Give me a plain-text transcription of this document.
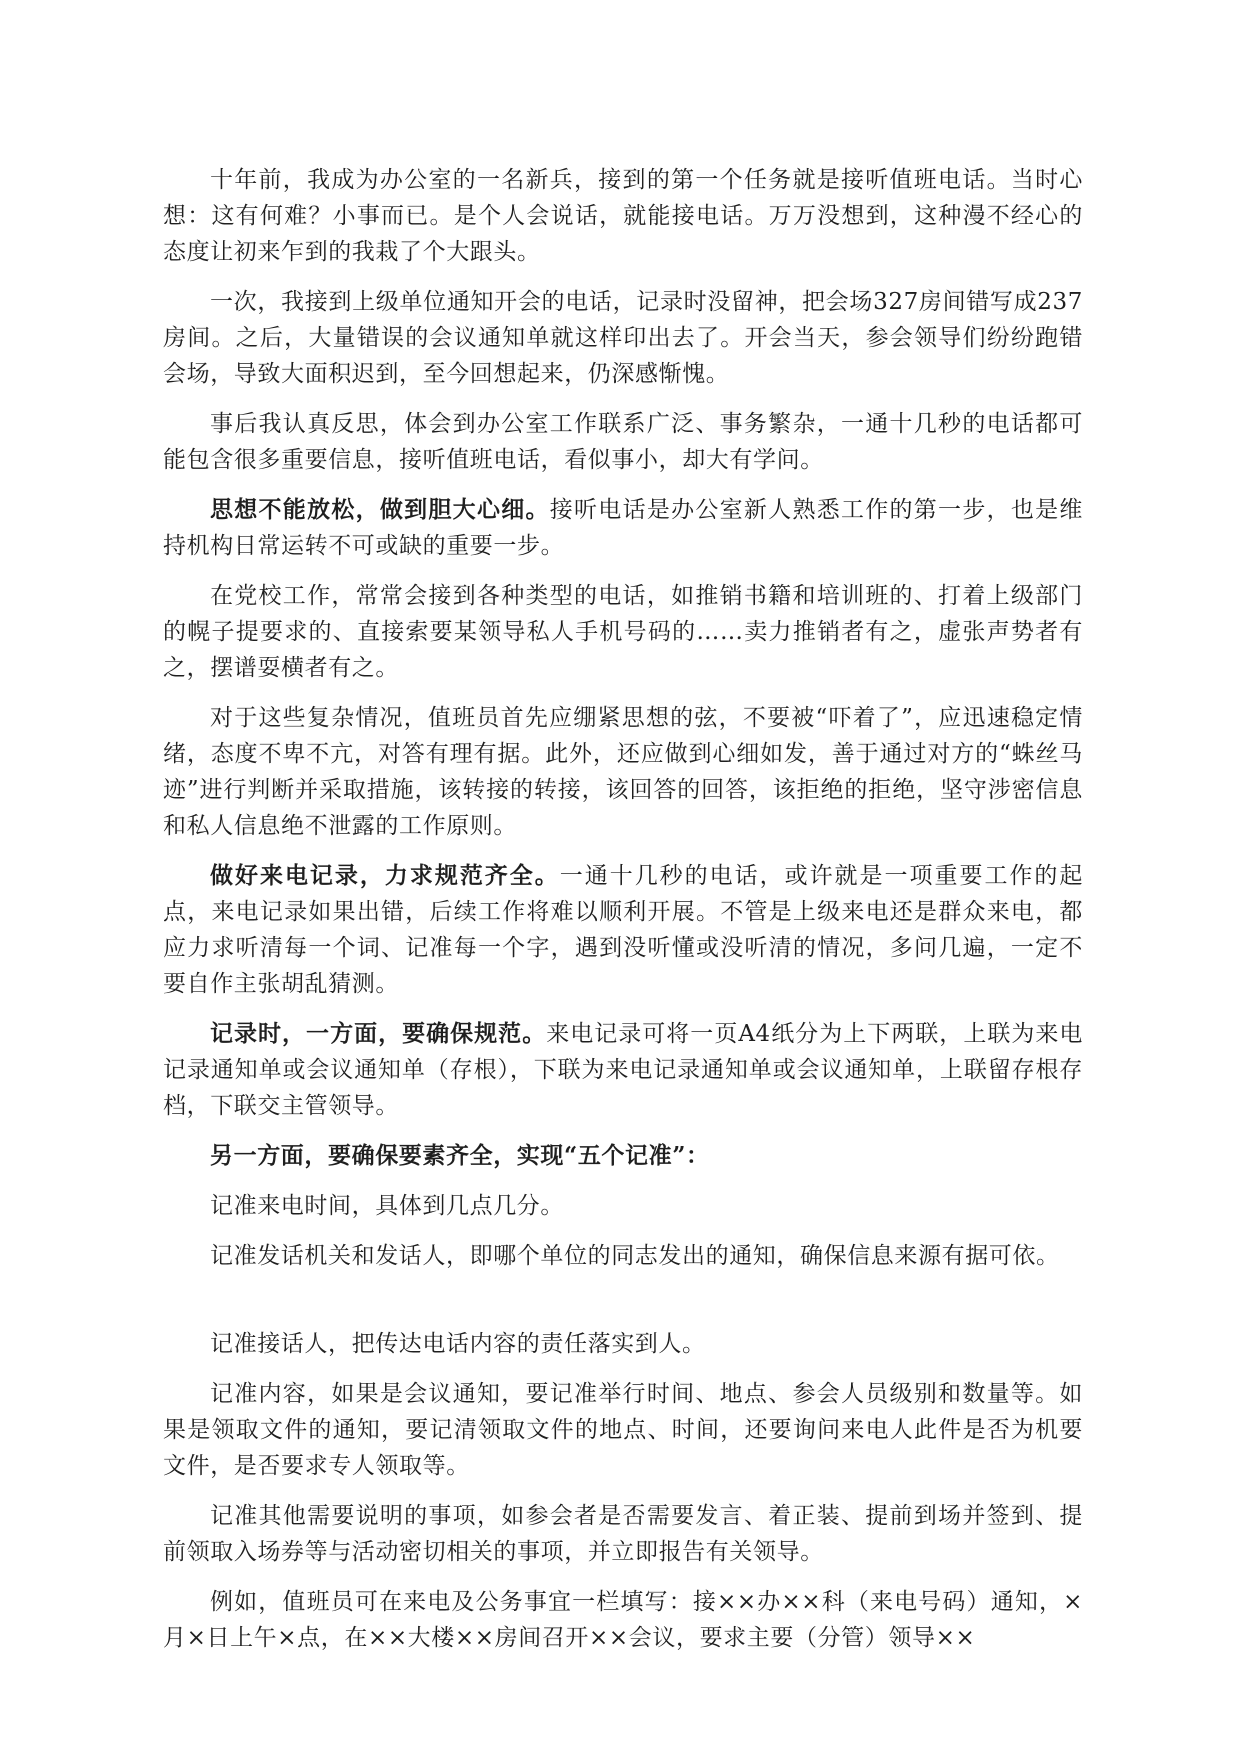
十年前，我成为办公室的一名新兵，接到的第一个任务就是接听值班电话。当时心想：这有何难？小事而已。是个人会说话，就能接电话。万万没想到，这种漫不经心的态度让初来乍到的我栽了个大跟头。

一次，我接到上级单位通知开会的电话，记录时没留神，把会场327房间错写成237房间。之后，大量错误的会议通知单就这样印出去了。开会当天，参会领导们纷纷跑错会场，导致大面积迟到，至今回想起来，仍深感惭愧。

事后我认真反思，体会到办公室工作联系广泛、事务繁杂，一通十几秒的电话都可能包含很多重要信息，接听值班电话，看似事小，却大有学问。

思想不能放松，做到胆大心细。接听电话是办公室新人熟悉工作的第一步，也是维持机构日常运转不可或缺的重要一步。

在党校工作，常常会接到各种类型的电话，如推销书籍和培训班的、打着上级部门的幌子提要求的、直接索要某领导私人手机号码的……卖力推销者有之，虚张声势者有之，摆谱耍横者有之。

对于这些复杂情况，值班员首先应绷紧思想的弦，不要被“吓着了”，应迅速稳定情绪，态度不卑不亢，对答有理有据。此外，还应做到心细如发，善于通过对方的“蛛丝马迹”进行判断并采取措施，该转接的转接，该回答的回答，该拒绝的拒绝，坚守涉密信息和私人信息绝不泄露的工作原则。

做好来电记录，力求规范齐全。一通十几秒的电话，或许就是一项重要工作的起点，来电记录如果出错，后续工作将难以顺利开展。不管是上级来电还是群众来电，都应力求听清每一个词、记准每一个字，遇到没听懂或没听清的情况，多问几遍，一定不要自作主张胡乱猜测。

记录时，一方面，要确保规范。来电记录可将一页A4纸分为上下两联，上联为来电记录通知单或会议通知单（存根），下联为来电记录通知单或会议通知单，上联留存根存档，下联交主管领导。

另一方面，要确保要素齐全，实现“五个记准”：

记准来电时间，具体到几点几分。

记准发话机关和发话人，即哪个单位的同志发出的通知，确保信息来源有据可依。

记准接话人，把传达电话内容的责任落实到人。

记准内容，如果是会议通知，要记准举行时间、地点、参会人员级别和数量等。如果是领取文件的通知，要记清领取文件的地点、时间，还要询问来电人此件是否为机要文件，是否要求专人领取等。

记准其他需要说明的事项，如参会者是否需要发言、着正装、提前到场并签到、提前领取入场券等与活动密切相关的事项，并立即报告有关领导。

例如，值班员可在来电及公务事宜一栏填写：接××办××科（来电号码）通知，×月×日上午×点，在××大楼××房间召开××会议，要求主要（分管）领导××
